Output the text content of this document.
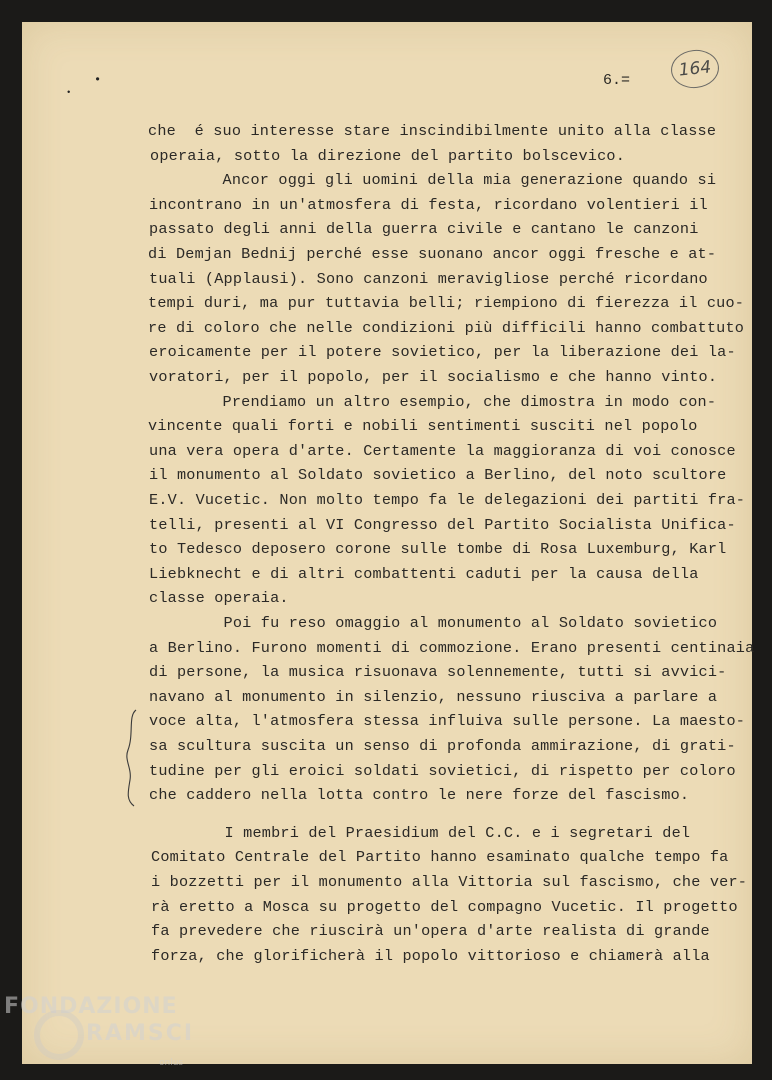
•
•
6.=	164
che  é suo interesse stare inscindibilmente unito alla classe
operaia, sotto la direzione del partito bolscevico.
Ancor oggi gli uomini della mia generazione quando si
incontrano in un'atmosfera di festa, ricordano volentieri il
passato degli anni della guerra civile e cantano le canzoni
di Demjan Bednij perché esse suonano ancor oggi fresche e at-
tuali (Applausi). Sono canzoni meravigliose perché ricordano
tempi duri, ma pur tuttavia belli; riempiono di fierezza il cuo-
re di coloro che nelle condizioni più difficili hanno combattuto
eroicamente per il potere sovietico, per la liberazione dei la-
voratori, per il popolo, per il socialismo e che hanno vinto.
Prendiamo un altro esempio, che dimostra in modo con-
vincente quali forti e nobili sentimenti susciti nel popolo
una vera opera d'arte. Certamente la maggioranza di voi conosce
il monumento al Soldato sovietico a Berlino, del noto scultore
E.V. Vucetic. Non molto tempo fa le delegazioni dei partiti fra-
telli, presenti al VI Congresso del Partito Socialista Unifica-
to Tedesco deposero corone sulle tombe di Rosa Luxemburg, Karl
Liebknecht e di altri combattenti caduti per la causa della
classe operaia.
Poi fu reso omaggio al monumento al Soldato sovietico
a Berlino. Furono momenti di commozione. Erano presenti centinaia
di persone, la musica risuonava solennemente, tutti si avvici-
navano al monumento in silenzio, nessuno riusciva a parlare a
voce alta, l'atmosfera stessa influiva sulle persone. La maesto-
sa scultura suscita un senso di profonda ammirazione, di grati-
tudine per gli eroici soldati sovietici, di rispetto per coloro
che caddero nella lotta contro le nere forze del fascismo.
I membri del Praesidium del C.C. e i segretari del
Comitato Centrale del Partito hanno esaminato qualche tempo fa
i bozzetti per il monumento alla Vittoria sul fascismo, che ver-
rà eretto a Mosca su progetto del compagno Vucetic. Il progetto
fa prevedere che riuscirà un'opera d'arte realista di grande
forza, che glorificherà il popolo vittorioso e chiamerà alla
FONDAZIONE
RAMSCI
onlus
